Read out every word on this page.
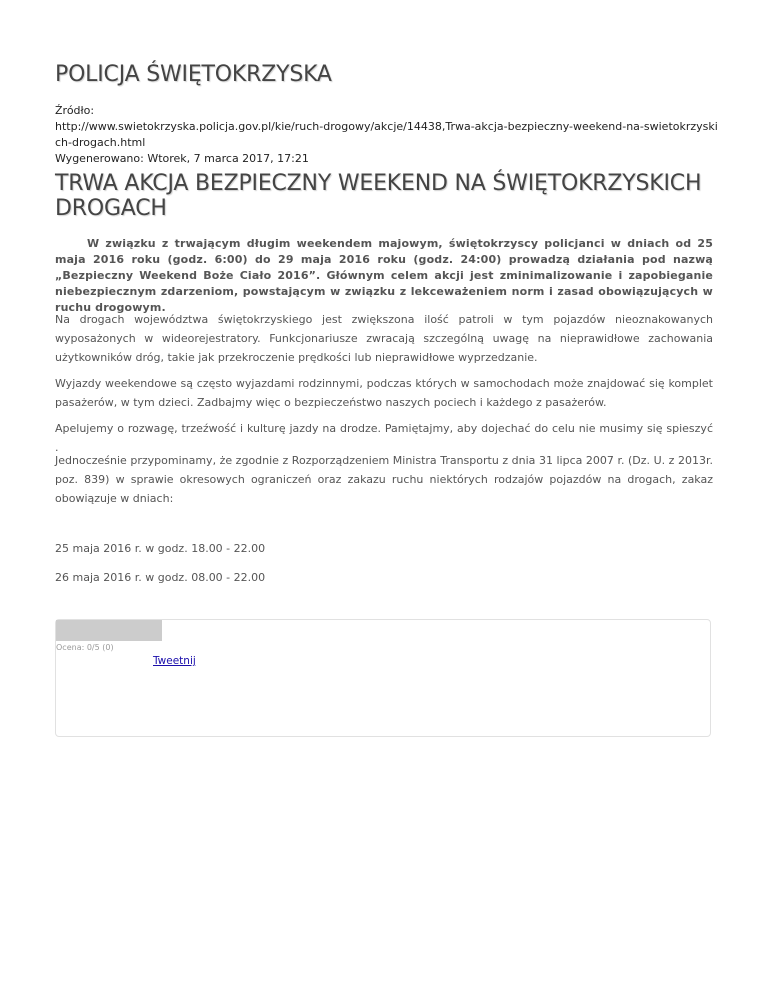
POLICJA ŚWIĘTOKRZYSKA
Źródło:
http://www.swietokrzyska.policja.gov.pl/kie/ruch-drogowy/akcje/14438,Trwa-akcja-bezpieczny-weekend-na-swietokrzyskich-drogach.html
Wygenerowano: Wtorek, 7 marca 2017, 17:21
TRWA AKCJA BEZPIECZNY WEEKEND NA ŚWIĘTOKRZYSKICH DROGACH

W związku z trwającym długim weekendem majowym, świętokrzyscy policjanci w dniach od 25 maja 2016 roku (godz. 6:00) do 29 maja 2016 roku (godz. 24:00) prowadzą działania pod nazwą „Bezpieczny Weekend Boże Ciało 2016”. Głównym celem akcji jest zminimalizowanie i zapobieganie niebezpiecznym zdarzeniom, powstającym w związku z lekceważeniem norm i zasad obowiązujących w ruchu drogowym.

Na drogach województwa świętokrzyskiego jest zwiększona ilość patroli w tym pojazdów nieoznakowanych wyposażonych w wideorejestratory. Funkcjonariusze zwracają szczególną uwagę na nieprawidłowe zachowania użytkowników dróg, takie jak przekroczenie prędkości lub nieprawidłowe wyprzedzanie.

Wyjazdy weekendowe są często wyjazdami rodzinnymi, podczas których w samochodach może znajdować się komplet pasażerów, w tym dzieci. Zadbajmy więc o bezpieczeństwo naszych pociech i każdego z pasażerów.

Apelujemy o rozwagę, trzeźwość i kulturę jazdy na drodze. Pamiętajmy, aby dojechać do celu nie musimy się spieszyć .

Jednocześnie przypominamy, że zgodnie z Rozporządzeniem Ministra Transportu z dnia 31 lipca 2007 r. (Dz. U. z 2013r. poz. 839) w sprawie okresowych ograniczeń oraz zakazu ruchu niektórych rodzajów pojazdów na drogach, zakaz obowiązuje w dniach:

25 maja 2016 r. w godz. 18.00 - 22.00

26 maja 2016 r. w godz. 08.00 - 22.00

Ocena: 0/5 (0)
Tweetnij
